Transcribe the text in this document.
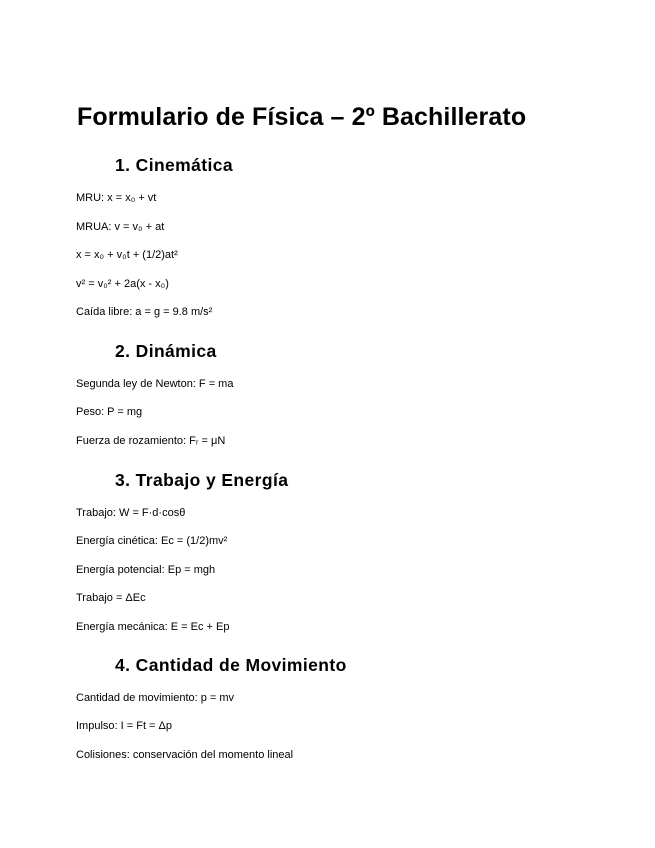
Formulario de Física – 2º Bachillerato
1. Cinemática

MRU: x = x₀ + vt

MRUA: v = v₀ + at

x = x₀ + v₀t + (1/2)at²

v² = v₀² + 2a(x - x₀)

Caída libre: a = g = 9.8 m/s²

2. Dinámica

Segunda ley de Newton: F = ma

Peso: P = mg

Fuerza de rozamiento: Fᵣ = μN

3. Trabajo y Energía

Trabajo: W = F·d·cosθ

Energía cinética: Ec = (1/2)mv²

Energía potencial: Ep = mgh

Trabajo = ΔEc

Energía mecánica: E = Ec + Ep

4. Cantidad de Movimiento

Cantidad de movimiento: p = mv

Impulso: I = Ft = Δp

Colisiones: conservación del momento lineal
